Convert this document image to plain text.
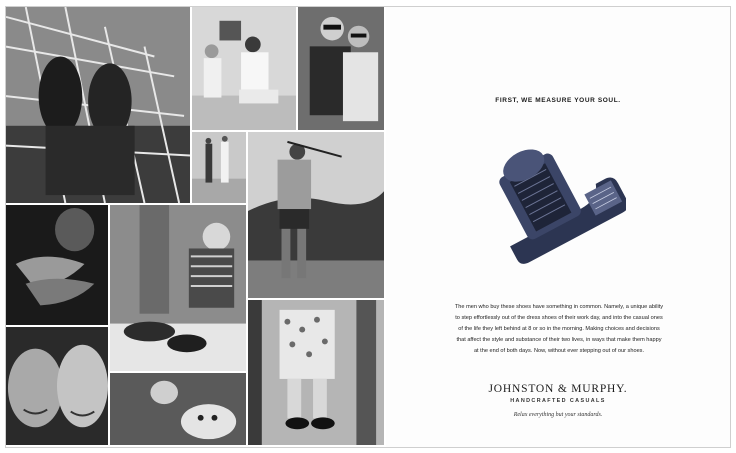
FIRST, WE MEASURE YOUR SOUL.
The men who buy these shoes have something in common. Namely, a unique ability
to step effortlessly out of the dress shoes of their work day, and into the casual ones
of the life they left behind at 8 or so in the morning. Making choices and decisions
that affect the style and substance of their two lives, in ways that make them happy
at the end of both days. Now, without ever stepping out of our shoes.
JOHNSTON & MURPHY.
HANDCRAFTED CASUALS
Relax everything but your standards.
